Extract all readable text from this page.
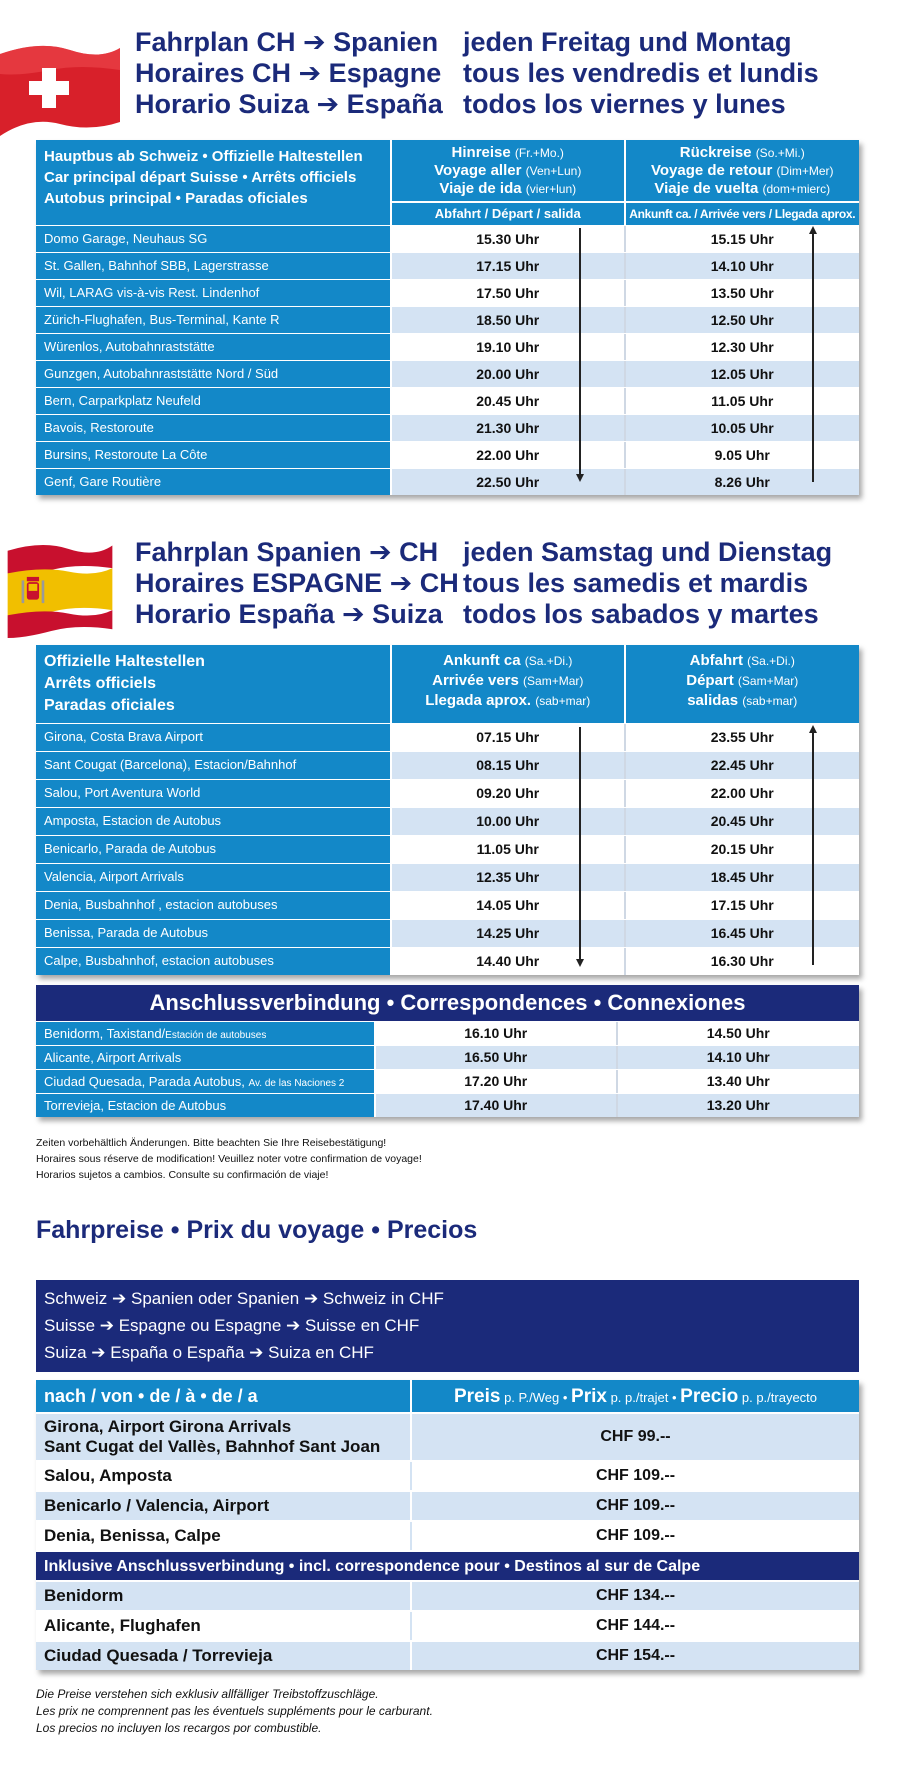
Fahrplan CH ➔ Spanien
Horaires CH ➔ Espagne
Horario Suiza ➔ España
jeden Freitag und Montag
tous les vendredis et lundis
todos los viernes y lunes
Hauptbus ab Schweiz • Offizielle Haltestellen
Car principal départ Suisse • Arrêts officiels
Autobus principal • Paradas oficiales
Hinreise (Fr.+Mo.)
Voyage aller (Ven+Lun)
Viaje de ida (vier+lun)
Abfahrt / Départ / salida
Rückreise (So.+Mi.)
Voyage de retour (Dim+Mer)
Viaje de vuelta (dom+mierc)
Ankunft ca. / Arrivée vers / Llegada aprox.
Domo Garage, Neuhaus SG	15.30 Uhr	15.15 Uhr
St. Gallen, Bahnhof SBB, Lagerstrasse	17.15 Uhr	14.10 Uhr
Wil, LARAG vis-à-vis Rest. Lindenhof	17.50 Uhr	13.50 Uhr
Zürich-Flughafen, Bus-Terminal, Kante R	18.50 Uhr	12.50 Uhr
Würenlos, Autobahnraststätte	19.10 Uhr	12.30 Uhr
Gunzgen, Autobahnraststätte Nord / Süd	20.00 Uhr	12.05 Uhr
Bern, Carparkplatz Neufeld	20.45 Uhr	11.05 Uhr
Bavois, Restoroute	21.30 Uhr	10.05 Uhr
Bursins, Restoroute La Côte	22.00 Uhr	9.05 Uhr
Genf, Gare Routière	22.50 Uhr	8.26 Uhr
Fahrplan Spanien ➔ CH
Horaires ESPAGNE ➔ CH
Horario España ➔ Suiza
jeden Samstag und Dienstag
tous les samedis et mardis
todos los sabados y martes
Offizielle Haltestellen
Arrêts officiels
Paradas oficiales
Ankunft ca (Sa.+Di.)
Arrivée vers (Sam+Mar)
Llegada aprox. (sab+mar)
Abfahrt (Sa.+Di.)
Départ (Sam+Mar)
salidas (sab+mar)
Girona, Costa Brava Airport	07.15 Uhr	23.55 Uhr
Sant Cougat (Barcelona), Estacion/Bahnhof	08.15 Uhr	22.45 Uhr
Salou, Port Aventura World	09.20 Uhr	22.00 Uhr
Amposta, Estacion de Autobus	10.00 Uhr	20.45 Uhr
Benicarlo, Parada de Autobus	11.05 Uhr	20.15 Uhr
Valencia, Airport Arrivals	12.35 Uhr	18.45 Uhr
Denia, Busbahnhof , estacion autobuses	14.05 Uhr	17.15 Uhr
Benissa, Parada de Autobus	14.25 Uhr	16.45 Uhr
Calpe, Busbahnhof, estacion autobuses	14.40 Uhr	16.30 Uhr
Anschlussverbindung • Correspondences • Connexiones
Benidorm, Taxistand/Estación de autobuses	16.10 Uhr	14.50 Uhr
Alicante, Airport Arrivals	16.50 Uhr	14.10 Uhr
Ciudad Quesada, Parada Autobus, Av. de las Naciones 2	17.20 Uhr	13.40 Uhr
Torrevieja, Estacion de Autobus	17.40 Uhr	13.20 Uhr
Zeiten vorbehältlich Änderungen. Bitte beachten Sie Ihre Reisebestätigung!
Horaires sous réserve de modification! Veuillez noter votre confirmation de voyage!
Horarios sujetos a cambios. Consulte su confirmación de viaje!
Fahrpreise • Prix du voyage • Precios
Schweiz ➔ Spanien oder Spanien ➔ Schweiz in CHF
Suisse ➔ Espagne ou Espagne ➔ Suisse en CHF
Suiza ➔ España o España ➔ Suiza en CHF
nach / von • de / à • de / a	Preis p. P./Weg • Prix p. p./trajet • Precio p. p./trayecto
Girona, Airport Girona Arrivals
Sant Cugat del Vallès, Bahnhof Sant Joan
CHF 99.--
Salou, Amposta	CHF 109.--
Benicarlo / Valencia, Airport	CHF 109.--
Denia, Benissa, Calpe	CHF 109.--
Inklusive Anschlussverbindung • incl. correspondence pour • Destinos al sur de Calpe
Benidorm	CHF 134.--
Alicante, Flughafen	CHF 144.--
Ciudad Quesada / Torrevieja	CHF 154.--
Die Preise verstehen sich exklusiv allfälliger Treibstoffzuschläge.
Les prix ne comprennent pas les éventuels suppléments pour le carburant.
Los precios no incluyen los recargos por combustible.
